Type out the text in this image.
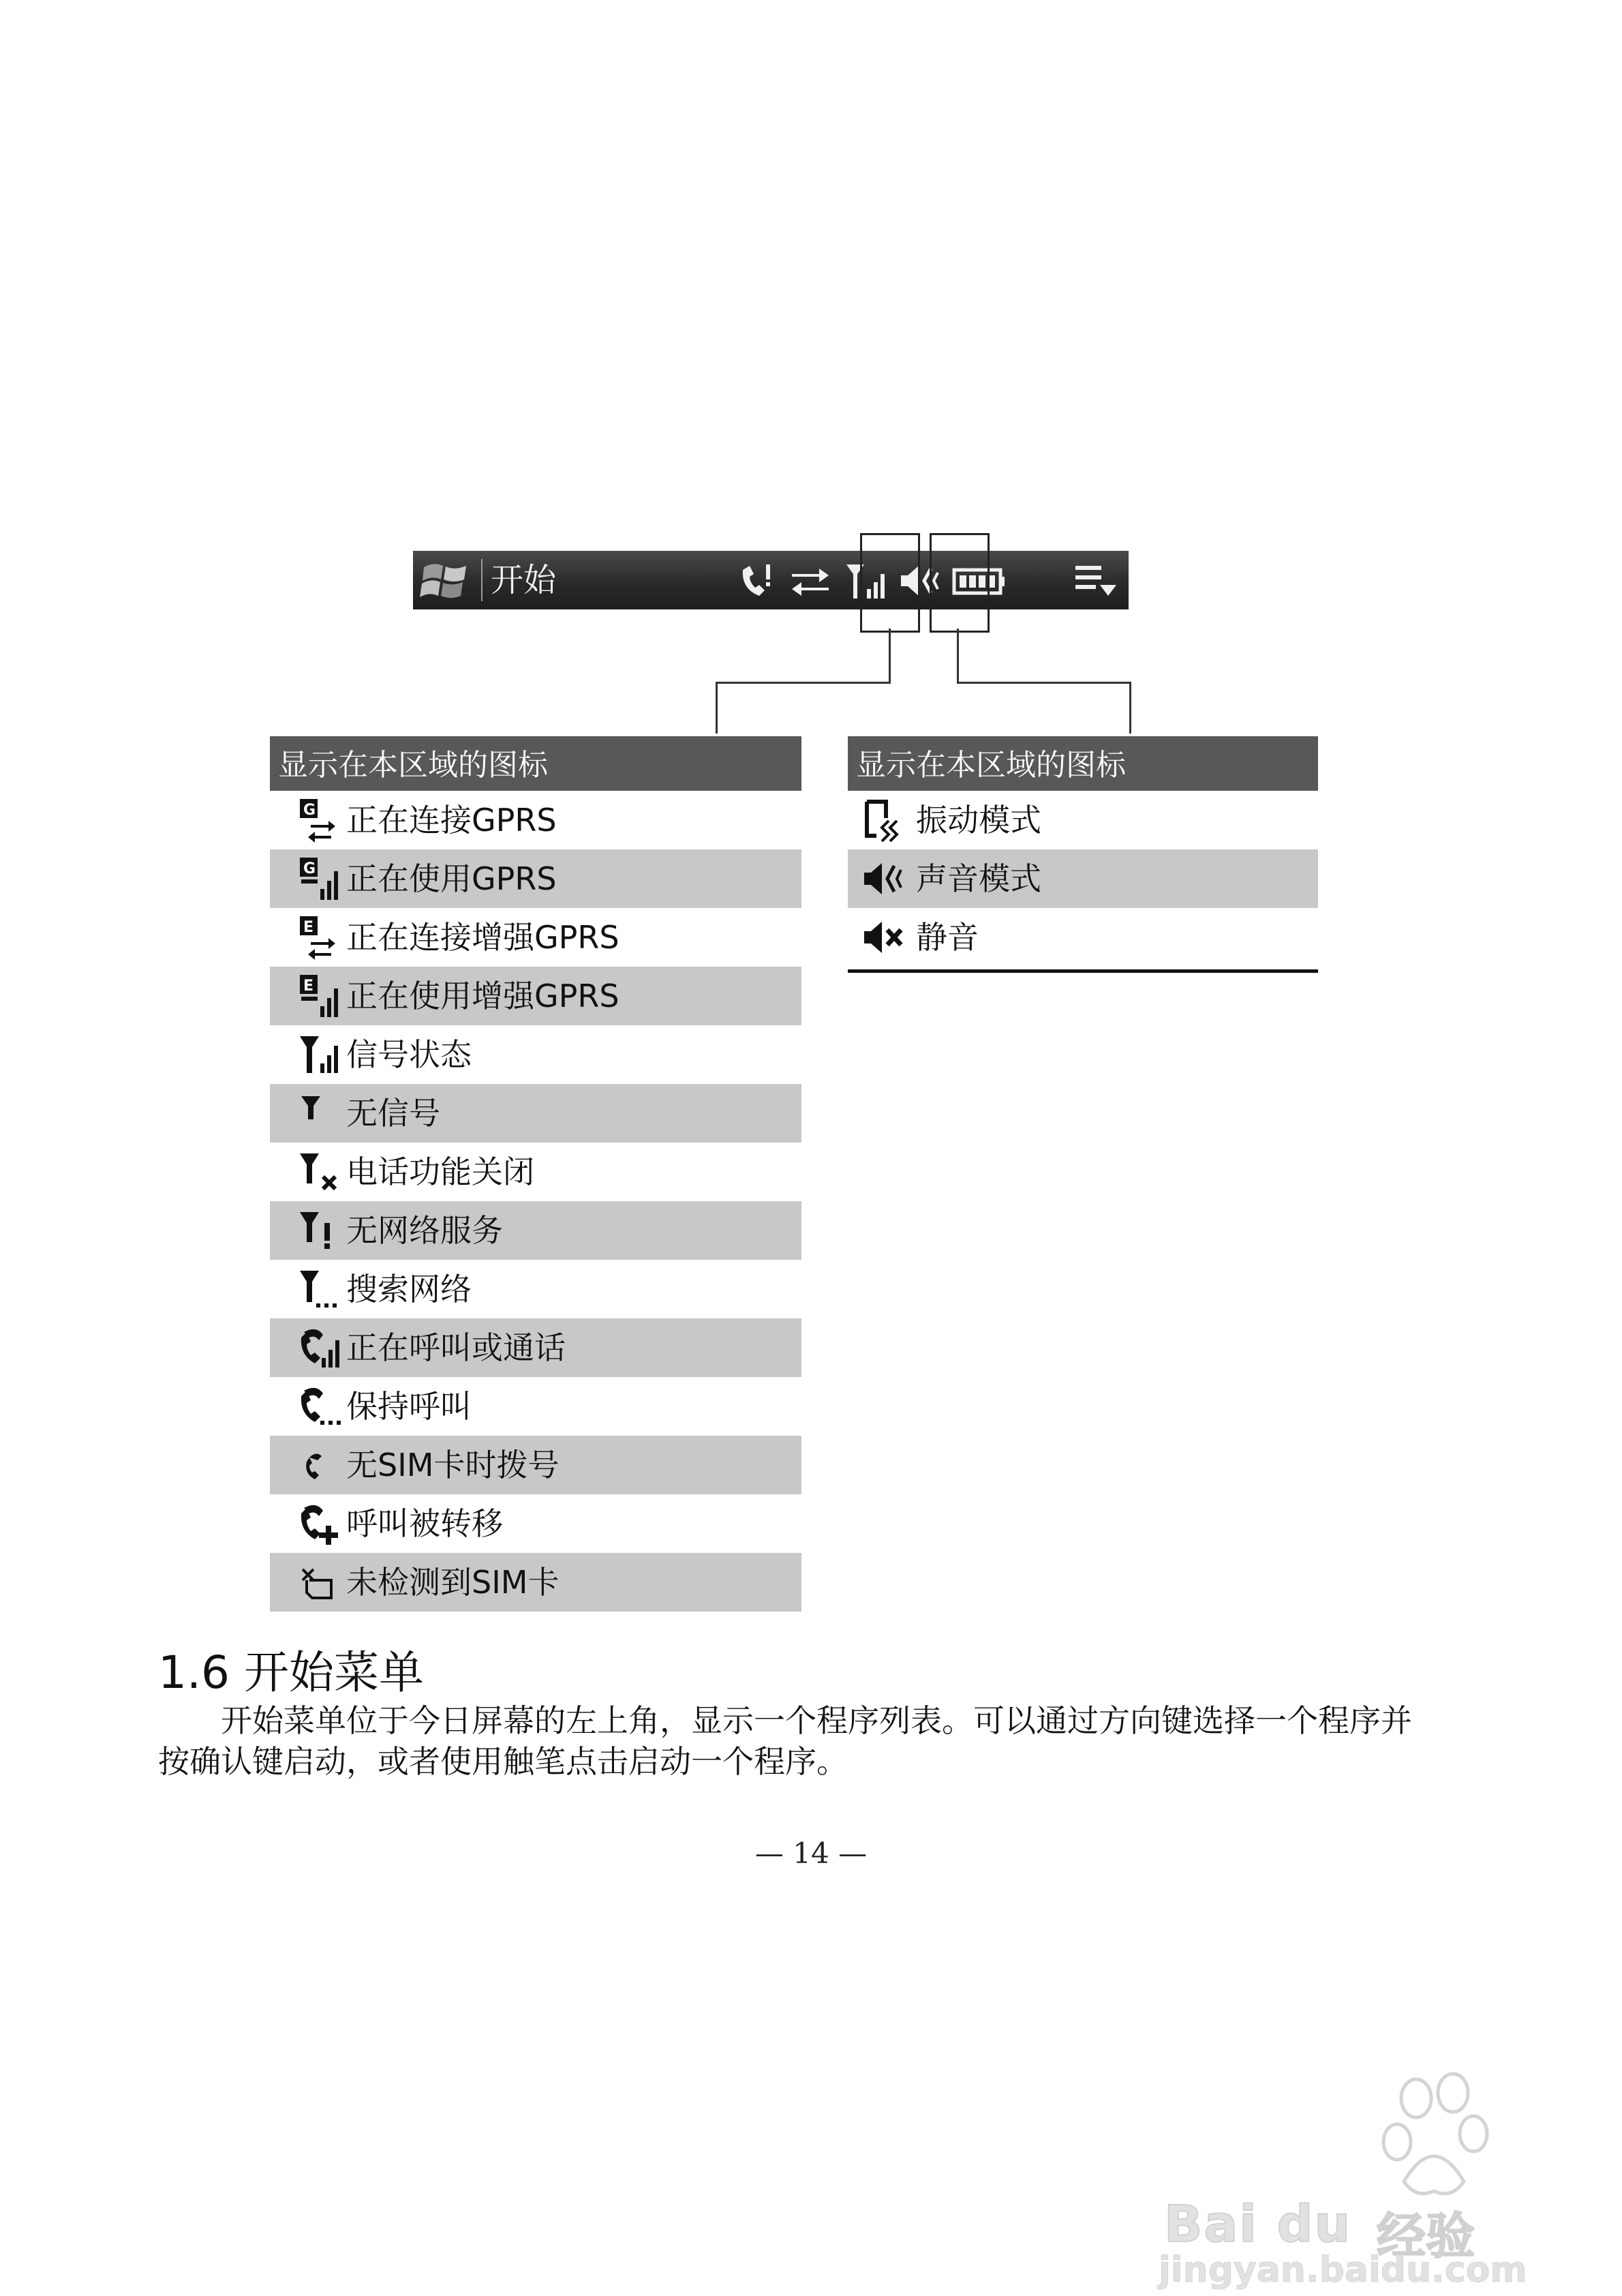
开始
显示在本区域的图标
G 正在连接GPRS
G 正在使用GPRS
E 正在连接增强GPRS
E 正在使用增强GPRS
信号状态
无信号
电话功能关闭
无网络服务
搜索网络
正在呼叫或通话
保持呼叫
无SIM卡时拨号
呼叫被转移
未检测到SIM卡
显示在本区域的图标
振动模式
声音模式
静音
1.6 开始菜单
开始菜单位于今日屏幕的左上角，显示一个程序列表。可以通过方向键选择一个程序并
按确认键启动，或者使用触笔点击启动一个程序。
— 14 —
Bai du 经验
jingyan.baidu.com
